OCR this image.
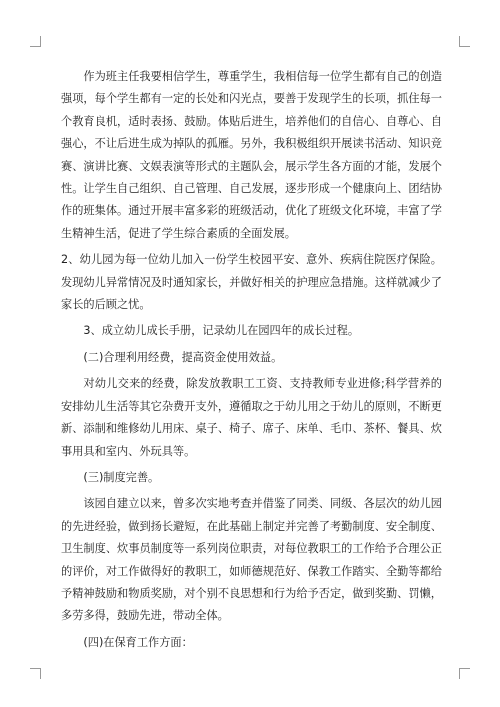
作为班主任我要相信学生，尊重学生，我相信每一位学生都有自己的创造强项，每个学生都有一定的长处和闪光点，要善于发现学生的长项，抓住每一个教育良机，适时表扬、鼓励。体贴后进生，培养他们的自信心、自尊心、自强心，不让后进生成为掉队的孤雁。另外，我积极组织开展读书活动、知识竞赛、演讲比赛、文娱表演等形式的主题队会，展示学生各方面的才能，发展个性。让学生自己组织、自己管理、自己发展，逐步形成一个健康向上、团结协作的班集体。通过开展丰富多彩的班级活动，优化了班级文化环境，丰富了学生精神生活，促进了学生综合素质的全面发展。

2、幼儿园为每一位幼儿加入一份学生校园平安、意外、疾病住院医疗保险。发现幼儿异常情况及时通知家长，并做好相关的护理应急措施。这样就减少了家长的后顾之忧。

3、成立幼儿成长手册，记录幼儿在园四年的成长过程。

(二)合理利用经费，提高资金使用效益。

对幼儿交来的经费，除发放教职工工资、支持教师专业进修;科学营养的安排幼儿生活等其它杂费开支外，遵循取之于幼儿用之于幼儿的原则，不断更新、添制和维修幼儿用床、桌子、椅子、席子、床单、毛巾、茶杯、餐具、炊事用具和室内、外玩具等。

(三)制度完善。

该园自建立以来，曾多次实地考查并借鉴了同类、同级、各层次的幼儿园的先进经验，做到扬长避短，在此基础上制定并完善了考勤制度、安全制度、卫生制度、炊事员制度等一系列岗位职责，对每位教职工的工作给予合理公正的评价，对工作做得好的教职工，如师德规范好、保教工作踏实、全勤等都给予精神鼓励和物质奖励，对个别不良思想和行为给予否定，做到奖勤、罚懒，多劳多得，鼓励先进，带动全体。

(四)在保育工作方面：
